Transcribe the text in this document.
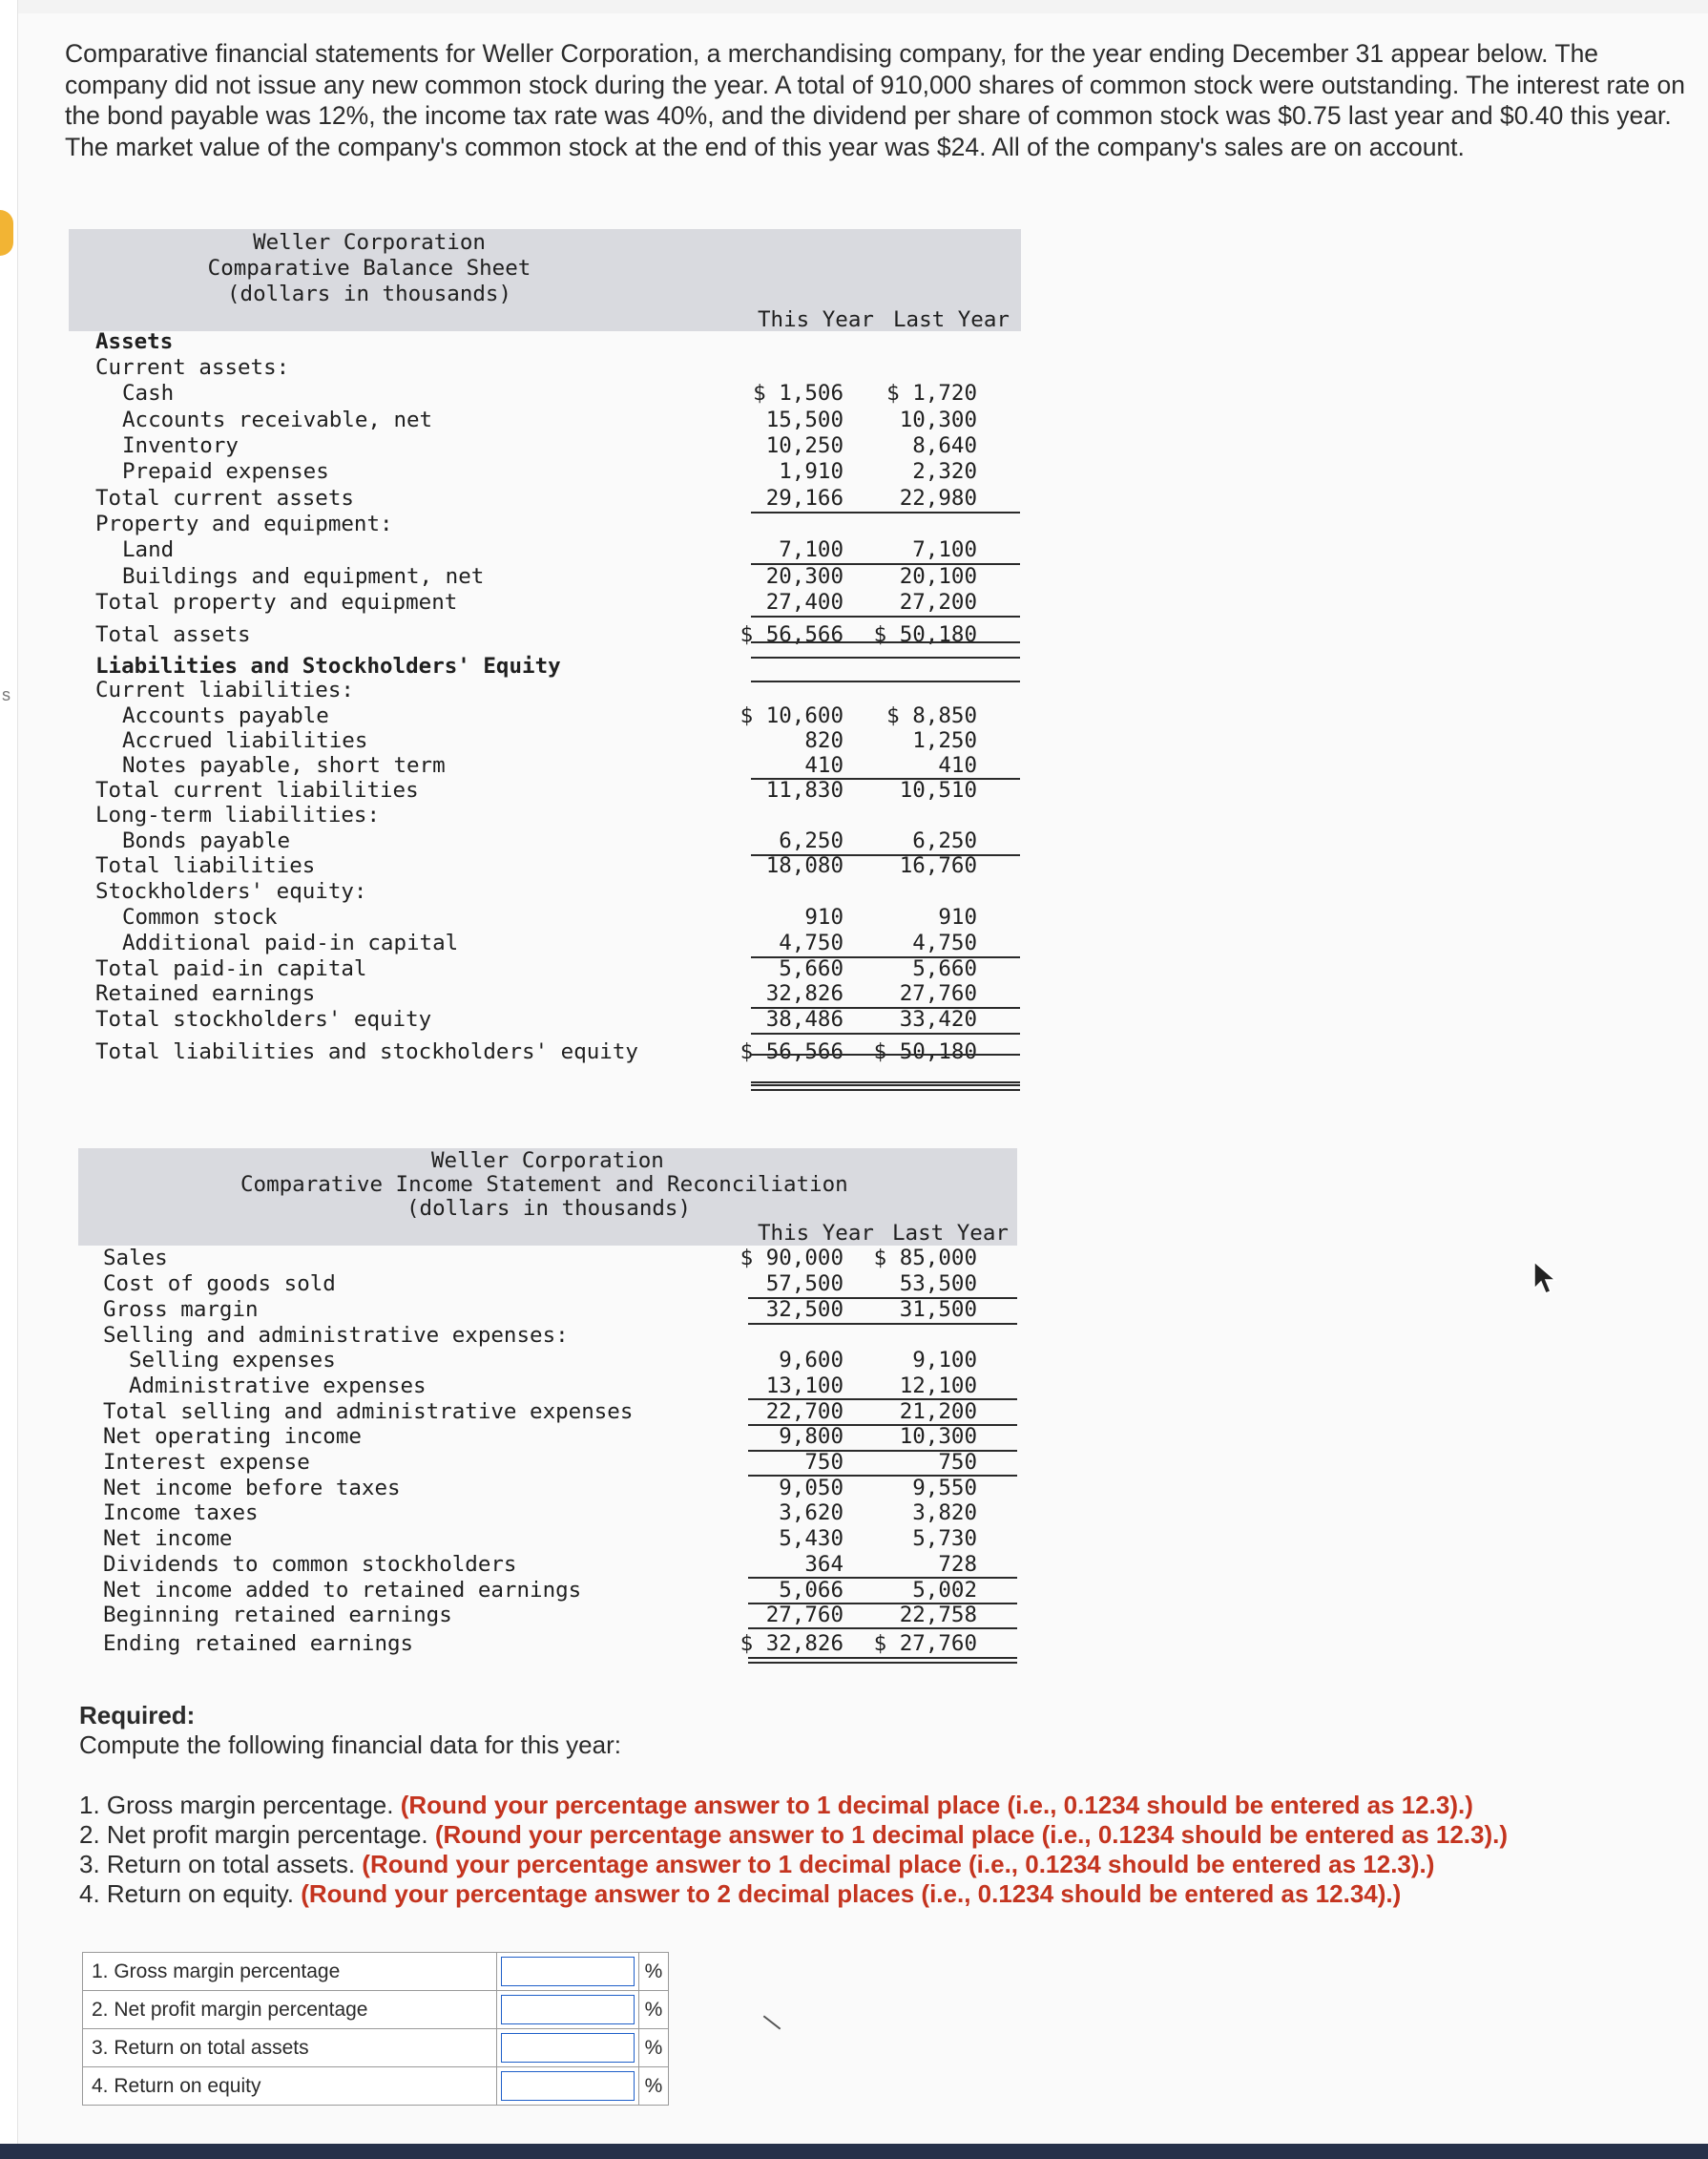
s
Comparative financial statements for Weller Corporation, a merchandising company, for the year ending December 31 appear below. The company did not issue any new common stock during the year. A total of 910,000 shares of common stock were outstanding. The interest rate on the bond payable was 12%, the income tax rate was 40%, and the dividend per share of common stock was $0.75 last year and $0.40 this year. The market value of the company's common stock at the end of this year was $24. All of the company's sales are on account.
Weller Corporation
Comparative Balance Sheet
(dollars in thousands)
This Year Last Year
Assets
Current assets:
Cash	$ 1,506	$ 1,720
Accounts receivable, net	15,500	10,300
Inventory	10,250	8,640
Prepaid expenses	1,910	2,320
Total current assets	29,166	22,980
Property and equipment:
Land	7,100	7,100
Buildings and equipment, net	20,300	20,100
Total property and equipment	27,400	27,200
Total assets	$ 56,566	$ 50,180
Liabilities and Stockholders' Equity
Current liabilities:
Accounts payable	$ 10,600	$ 8,850
Accrued liabilities	820	1,250
Notes payable, short term	410	410
Total current liabilities	11,830	10,510
Long-term liabilities:
Bonds payable	6,250	6,250
Total liabilities	18,080	16,760
Stockholders' equity:
Common stock	910	910
Additional paid-in capital	4,750	4,750
Total paid-in capital	5,660	5,660
Retained earnings	32,826	27,760
Total stockholders' equity	38,486	33,420
Total liabilities and stockholders' equity	$ 56,566	$ 50,180
Weller Corporation
Comparative Income Statement and Reconciliation
(dollars in thousands)
This Year Last Year
Sales	$ 90,000	$ 85,000
Cost of goods sold	57,500	53,500
Gross margin	32,500	31,500
Selling and administrative expenses:
Selling expenses	9,600	9,100
Administrative expenses	13,100	12,100
Total selling and administrative expenses	22,700	21,200
Net operating income	9,800	10,300
Interest expense	750	750
Net income before taxes	9,050	9,550
Income taxes	3,620	3,820
Net income	5,430	5,730
Dividends to common stockholders	364	728
Net income added to retained earnings	5,066	5,002
Beginning retained earnings	27,760	22,758
Ending retained earnings	$ 32,826	$ 27,760
Required:
Compute the following financial data for this year:
1. Gross margin percentage. (Round your percentage answer to 1 decimal place (i.e., 0.1234 should be entered as 12.3).)
2. Net profit margin percentage. (Round your percentage answer to 1 decimal place (i.e., 0.1234 should be entered as 12.3).)
3. Return on total assets. (Round your percentage answer to 1 decimal place (i.e., 0.1234 should be entered as 12.3).)
4. Return on equity. (Round your percentage answer to 2 decimal places (i.e., 0.1234 should be entered as 12.34).)
1. Gross margin percentage		%
2. Net profit margin percentage		%
3. Return on total assets		%
4. Return on equity		%
